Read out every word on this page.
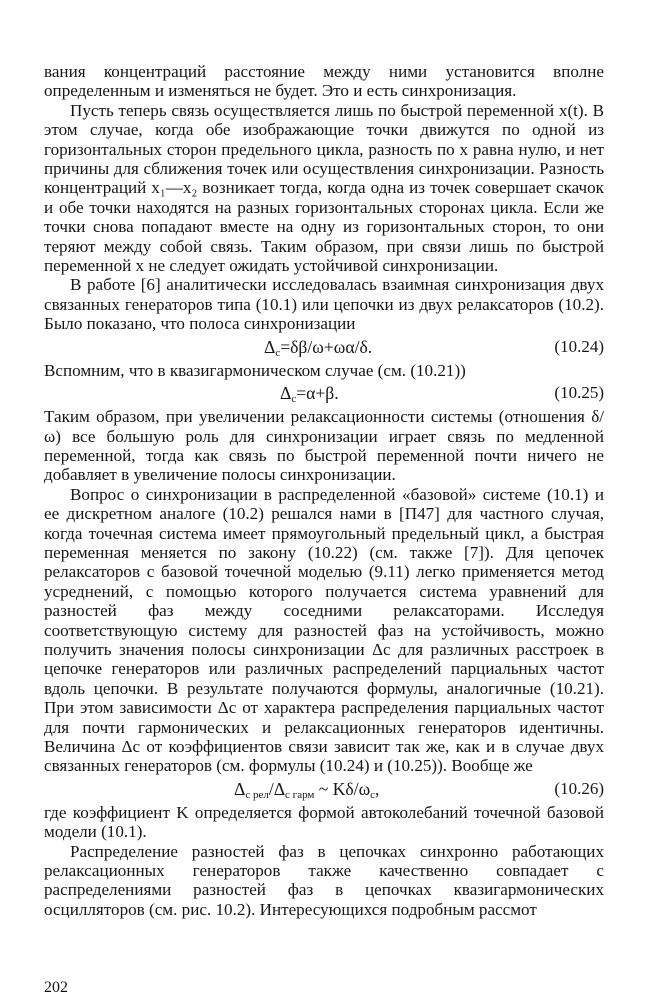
вания концентраций расстояние между ними установится вполне определенным и изменяться не будет. Это и есть синхронизация.

Пусть теперь связь осуществляется лишь по быстрой переменной x(t). В этом случае, когда обе изображающие точки движутся по одной из горизонтальных сторон предельного цикла, разность по x равна нулю, и нет причины для сближения точек или осуществления синхронизации. Разность концентраций x₁—x₂ возникает тогда, когда одна из точек совершает скачок и обе точки находятся на разных горизонтальных сторонах цикла. Если же точки снова попадают вместе на одну из горизонтальных сторон, то они теряют между собой связь. Таким образом, при связи лишь по быстрой переменной x не следует ожидать устойчивой синхронизации.

В работе [6] аналитически исследовалась взаимная синхронизация двух связанных генераторов типа (10.1) или цепочки из двух релаксаторов (10.2). Было показано, что полоса синхронизации

$\Delta_c=\delta\beta/\omega+\omega\alpha/\delta$.	(10.24)

Вспомним, что в квазигармоническом случае (см. (10.21))

$\Delta_c=\alpha+\beta$.	(10.25)

Таким образом, при увеличении релаксационности системы (отношения δ/ω) все большую роль для синхронизации играет связь по медленной переменной, тогда как связь по быстрой переменной почти ничего не добавляет в увеличение полосы синхронизации.

Вопрос о синхронизации в распределенной «базовой» системе (10.1) и ее дискретном аналоге (10.2) решался нами в [П47] для частного случая, когда точечная система имеет прямоугольный предельный цикл, а быстрая переменная меняется по закону (10.22) (см. также [7]). Для цепочек релаксаторов с базовой точечной моделью (9.11) легко применяется метод усреднений, с помощью которого получается система уравнений для разностей фаз между соседними релаксаторами. Исследуя соответствующую систему для разностей фаз на устойчивость, можно получить значения полосы синхронизации Δc для различных расстроек в цепочке генераторов или различных распределений парциальных частот вдоль цепочки. В результате получаются формулы, аналогичные (10.21). При этом зависимости Δc от характера распределения парциальных частот для почти гармонических и релаксационных генераторов идентичны. Величина Δc от коэффициентов связи зависит так же, как и в случае двух связанных генераторов (см. формулы (10.24) и (10.25)). Вообще же

$\Delta_{c рел}/\Delta_{c гарм}$ ~ $K\delta/\omega_c$,	(10.26)

где коэффициент K определяется формой автоколебаний точечной базовой модели (10.1).

Распределение разностей фаз в цепочках синхронно работающих релаксационных генераторов также качественно совпадает с распределениями разностей фаз в цепочках квазигармонических осцилляторов (см. рис. 10.2). Интересующихся подробным рассмот

202
